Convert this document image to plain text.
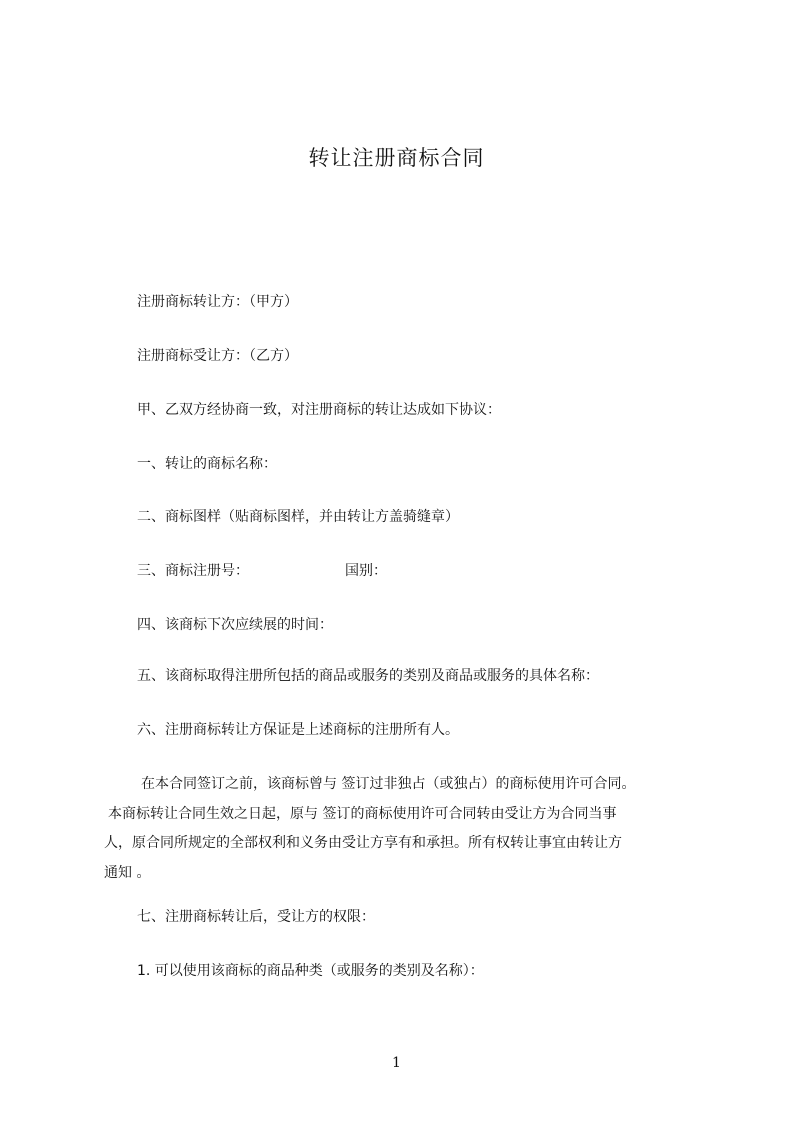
转让注册商标合同

注册商标转让方：（甲方）

注册商标受让方：（乙方）

甲、乙双方经协商一致，对注册商标的转让达成如下协议：

一、转让的商标名称：

二、商标图样（贴商标图样，并由转让方盖骑缝章）

三、商标注册号：	国别：

四、该商标下次应续展的时间：

五、该商标取得注册所包括的商品或服务的类别及商品或服务的具体名称：

六、注册商标转让方保证是上述商标的注册所有人。

在本合同签订之前，该商标曾与 签订过非独占（或独占）的商标使用许可合同。
本商标转让合同生效之日起，原与 签订的商标使用许可合同转由受让方为合同当事
人，原合同所规定的全部权利和义务由受让方享有和承担。所有权转让事宜由转让方
通知 。

七、注册商标转让后，受让方的权限：

1. 可以使用该商标的商品种类（或服务的类别及名称）：

1
